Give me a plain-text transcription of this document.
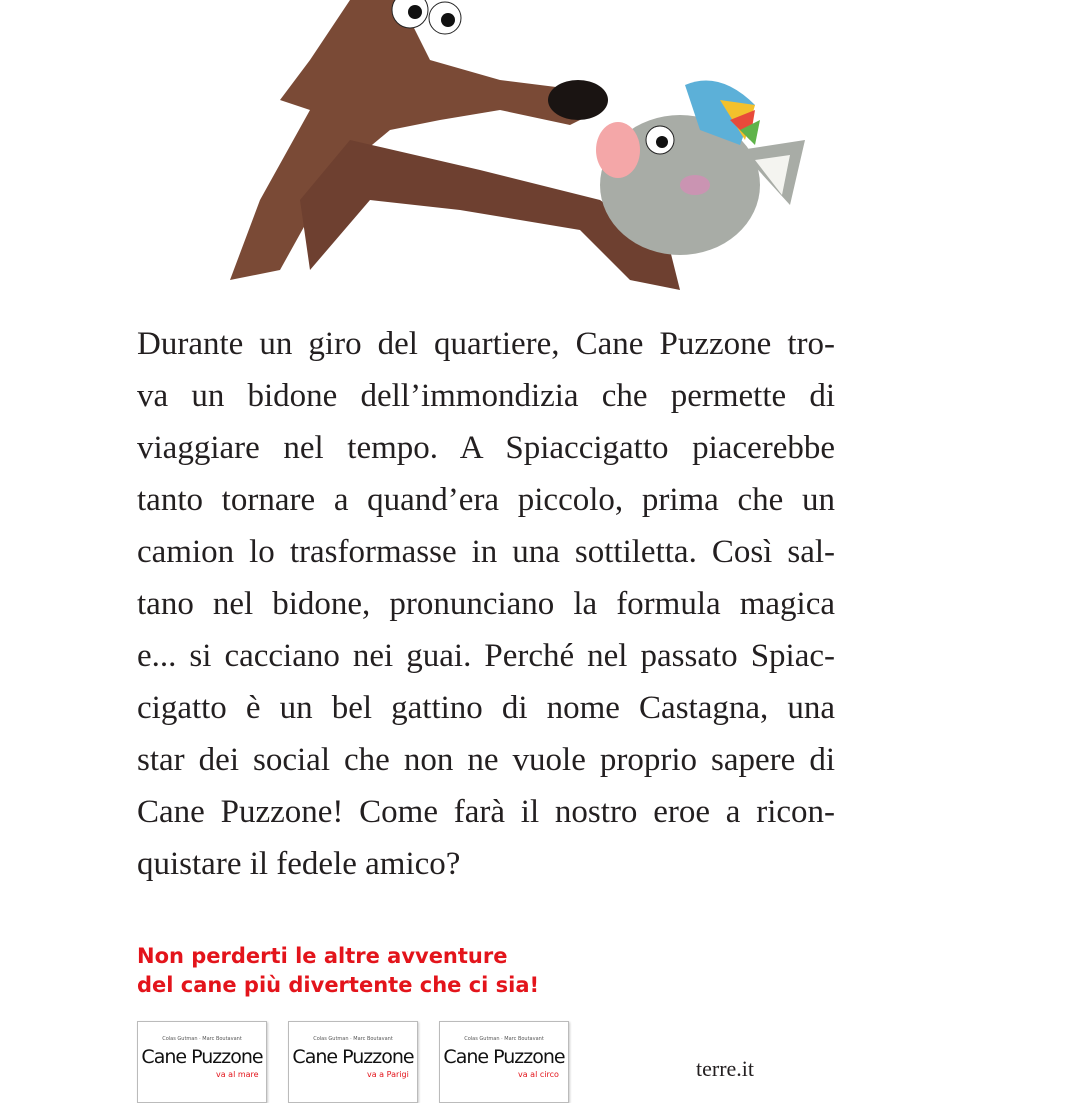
Durante un giro del quartiere, Cane Puzzone tro-
va un bidone dell’immondizia che permette di
viaggiare nel tempo. A Spiaccigatto piacerebbe
tanto tornare a quand’era piccolo, prima che un
camion lo trasformasse in una sottiletta. Così sal-
tano nel bidone, pronunciano la formula magica
e... si cacciano nei guai. Perché nel passato Spiac-
cigatto è un bel gattino di nome Castagna, una
star dei social che non ne vuole proprio sapere di
Cane Puzzone! Come farà il nostro eroe a ricon-
quistare il fedele amico?
Non perderti le altre avventure
del cane più divertente che ci sia!
Colas Gutman · Marc Boutavant
Cane Puzzone
va al mare
Colas Gutman · Marc Boutavant
Cane Puzzone
va a Parigi
Colas Gutman · Marc Boutavant
Cane Puzzone
va al circo	terre.it
